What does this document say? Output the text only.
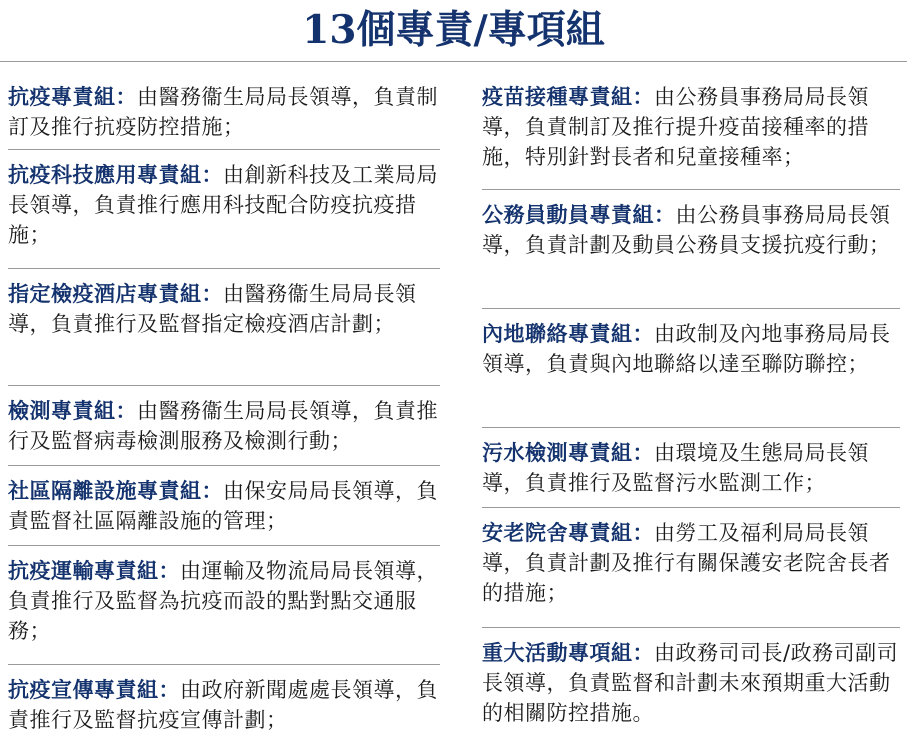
13個專責/專項組
抗疫專責組：由醫務衞生局局長領導，負責制訂及推行抗疫防控措施；
抗疫科技應用專責組：由創新科技及工業局局長領導，負責推行應用科技配合防疫抗疫措施；
指定檢疫酒店專責組：由醫務衞生局局長領導，負責推行及監督指定檢疫酒店計劃；
檢測專責組：由醫務衞生局局長領導，負責推行及監督病毒檢測服務及檢測行動；
社區隔離設施專責組：由保安局局長領導，負責監督社區隔離設施的管理；
抗疫運輸專責組：由運輸及物流局局長領導，負責推行及監督為抗疫而設的點對點交通服務；
抗疫宣傳專責組：由政府新聞處處長領導，負責推行及監督抗疫宣傳計劃；
疫苗接種專責組：由公務員事務局局長領導，負責制訂及推行提升疫苗接種率的措施，特別針對長者和兒童接種率；
公務員動員專責組：由公務員事務局局長領導，負責計劃及動員公務員支援抗疫行動；
內地聯絡專責組：由政制及內地事務局局長領導，負責與內地聯絡以達至聯防聯控；
污水檢測專責組：由環境及生態局局長領導，負責推行及監督污水監測工作；
安老院舍專責組：由勞工及福利局局長領導，負責計劃及推行有關保護安老院舍長者的措施；
重大活動專項組：由政務司司長/政務司副司長領導，負責監督和計劃未來預期重大活動的相關防控措施。
